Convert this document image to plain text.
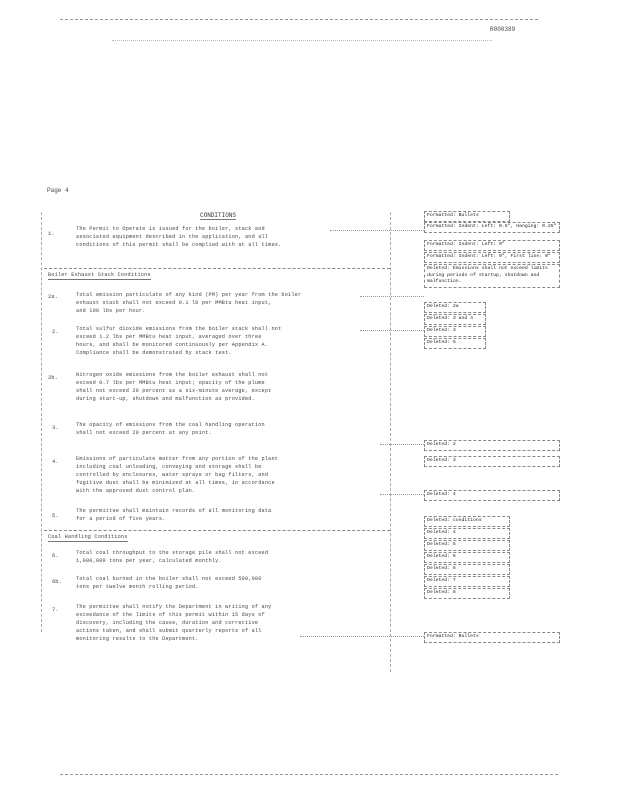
R000389
Page 4
CONDITIONS
1.
The Permit to Operate is issued for the boiler, stack and
associated equipment described in the application, and all
conditions of this permit shall be complied with at all times.
Boiler Exhaust Stack Conditions
2a.	Total emission particulate of any kind (PM) per year from the boiler
exhaust stack shall not exceed 0.1 lb per MMBtu heat input,
and 100 lbs per hour.
2.	Total sulfur dioxide emissions from the boiler stack shall not
exceed 1.2 lbs per MMBtu heat input, averaged over three
hours, and shall be monitored continuously per Appendix A.
Compliance shall be demonstrated by stack test.
2b.	Nitrogen oxide emissions from the boiler exhaust shall not
exceed 0.7 lbs per MMBtu heat input; opacity of the plume
shall not exceed 20 percent as a six-minute average, except
during start-up, shutdown and malfunction as provided.
3.	The opacity of emissions from the coal handling operation
shall not exceed 20 percent at any point.
4.	Emissions of particulate matter from any portion of the plant
including coal unloading, conveying and storage shall be
controlled by enclosures, water sprays or bag filters, and
fugitive dust shall be minimized at all times, in accordance
with the approved dust control plan.
5.
The permittee shall maintain records of all monitoring data
for a period of five years.
Coal Handling Conditions
6.	Total coal throughput to the storage pile shall not exceed
1,000,000 tons per year, calculated monthly.
6b.	Total coal burned in the boiler shall not exceed 500,000
tons per twelve month rolling period.
7.	The permittee shall notify the Department in writing of any
exceedance of the limits of this permit within 15 days of
discovery, including the cause, duration and corrective
actions taken, and shall submit quarterly reports of all
monitoring results to the Department.
Formatted: Bullets
Formatted: Indent: Left: 0.5", Hanging: 0.25"
Formatted: Indent: Left: 0"
Formatted: Indent: Left: 0", First line: 0"
Deleted: Emissions shall not exceed limits during periods of startup, shutdown and malfunction.
Deleted: 2a
Deleted: 3 and 4
Deleted: 3
Deleted: 5
Deleted: 2
Deleted: 3
Deleted: 4
Deleted: conditions
Deleted: 4
Deleted: 5
Deleted: 6
Deleted: 6
Deleted: 7
Deleted: 8
Formatted: Bullets
